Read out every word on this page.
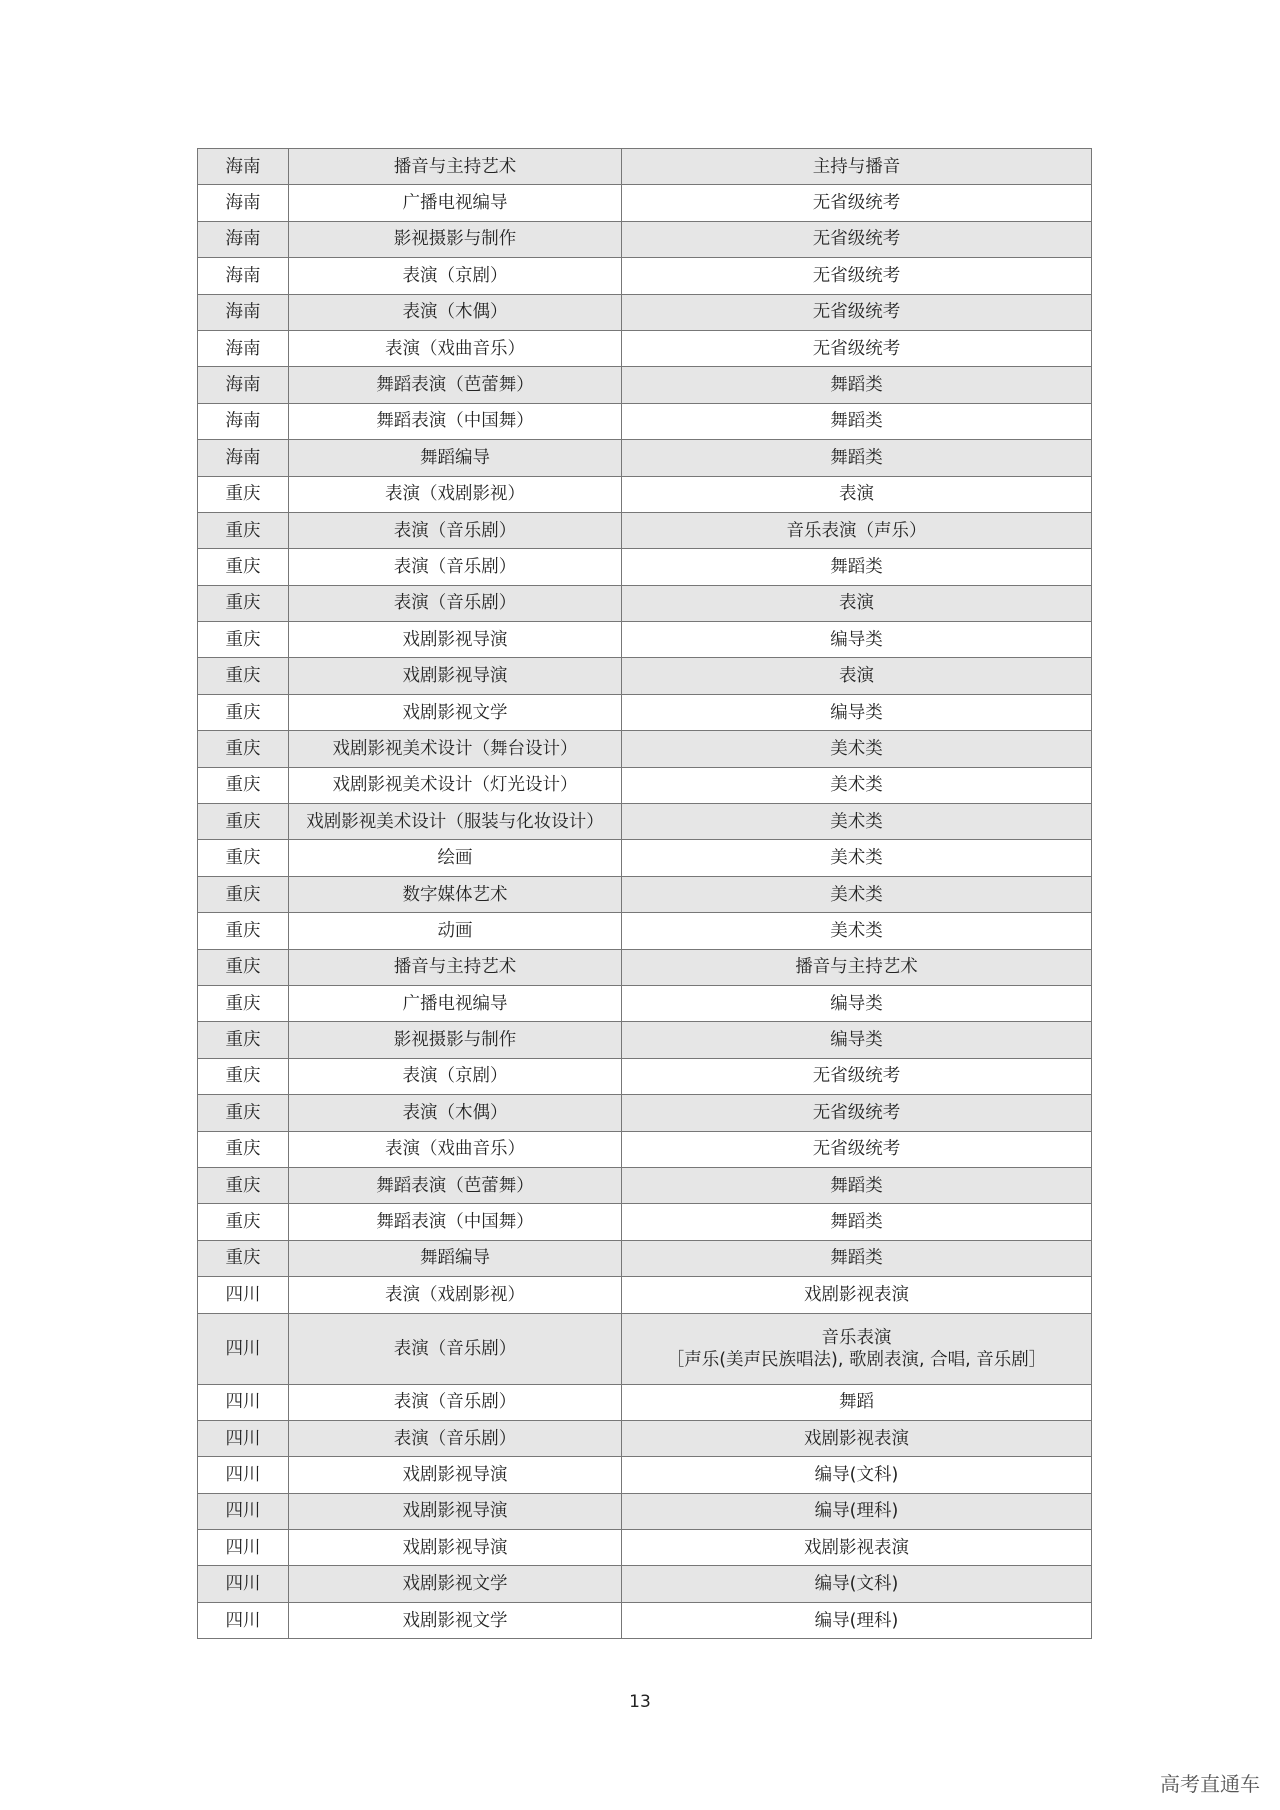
海南	播音与主持艺术	主持与播音
海南	广播电视编导	无省级统考
海南	影视摄影与制作	无省级统考
海南	表演（京剧）	无省级统考
海南	表演（木偶）	无省级统考
海南	表演（戏曲音乐）	无省级统考
海南	舞蹈表演（芭蕾舞）	舞蹈类
海南	舞蹈表演（中国舞）	舞蹈类
海南	舞蹈编导	舞蹈类
重庆	表演（戏剧影视）	表演
重庆	表演（音乐剧）	音乐表演（声乐）
重庆	表演（音乐剧）	舞蹈类
重庆	表演（音乐剧）	表演
重庆	戏剧影视导演	编导类
重庆	戏剧影视导演	表演
重庆	戏剧影视文学	编导类
重庆	戏剧影视美术设计（舞台设计）	美术类
重庆	戏剧影视美术设计（灯光设计）	美术类
重庆	戏剧影视美术设计（服装与化妆设计）	美术类
重庆	绘画	美术类
重庆	数字媒体艺术	美术类
重庆	动画	美术类
重庆	播音与主持艺术	播音与主持艺术
重庆	广播电视编导	编导类
重庆	影视摄影与制作	编导类
重庆	表演（京剧）	无省级统考
重庆	表演（木偶）	无省级统考
重庆	表演（戏曲音乐）	无省级统考
重庆	舞蹈表演（芭蕾舞）	舞蹈类
重庆	舞蹈表演（中国舞）	舞蹈类
重庆	舞蹈编导	舞蹈类
四川	表演（戏剧影视）	戏剧影视表演
四川	表演（音乐剧）	音乐表演
［声乐(美声民族唱法), 歌剧表演, 合唱, 音乐剧］

四川	表演（音乐剧）	舞蹈
四川	表演（音乐剧）	戏剧影视表演
四川	戏剧影视导演	编导(文科)
四川	戏剧影视导演	编导(理科)
四川	戏剧影视导演	戏剧影视表演
四川	戏剧影视文学	编导(文科)
四川	戏剧影视文学	编导(理科)
13
高考直通车
